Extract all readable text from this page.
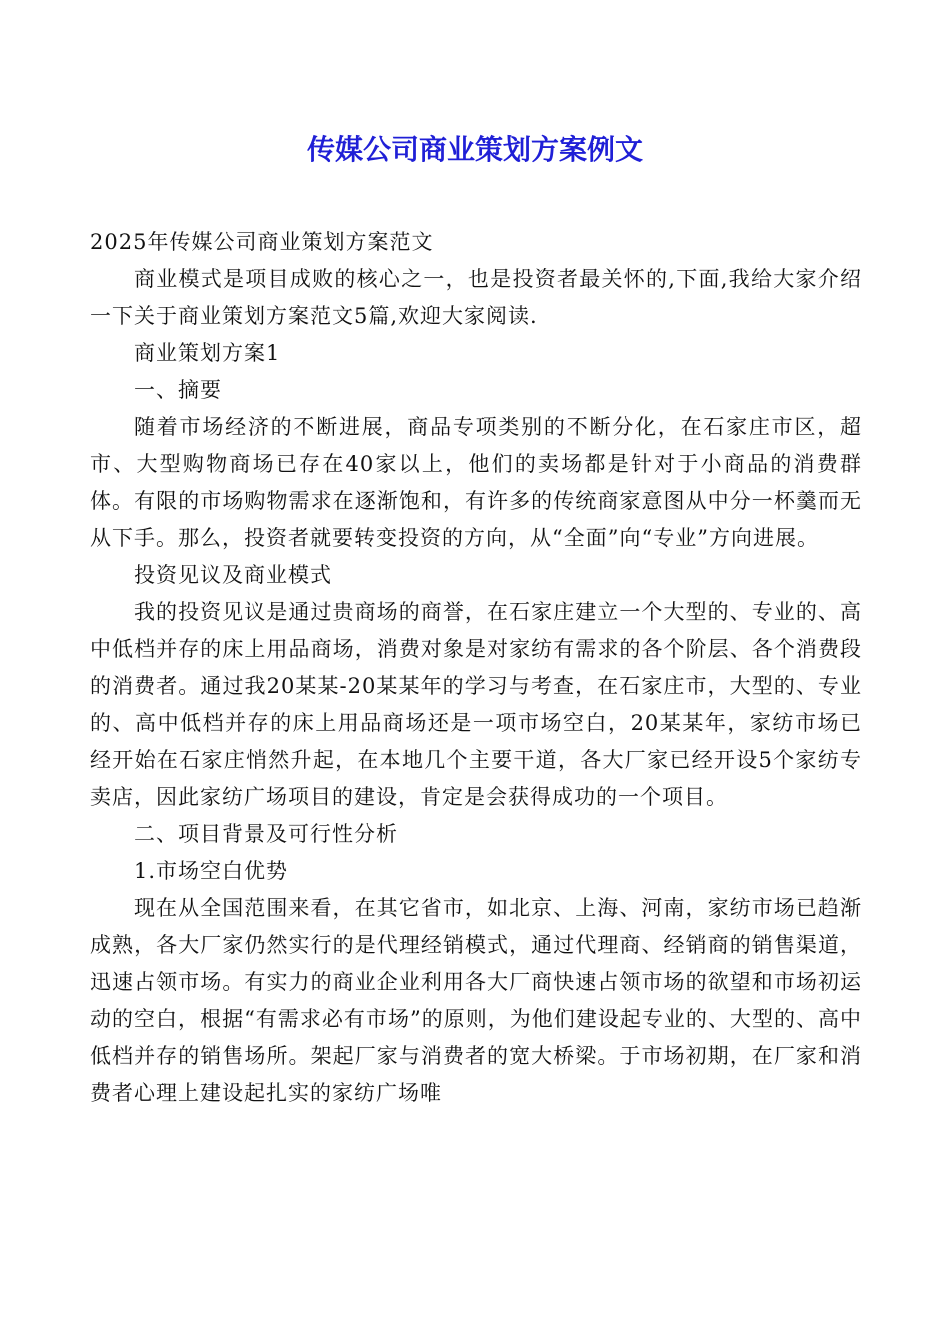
传媒公司商业策划方案例文

2025年传媒公司商业策划方案范文

商业模式是项目成败的核心之一，也是投资者最关怀的,下面,我给大家介绍一下关于商业策划方案范文5篇,欢迎大家阅读.

商业策划方案1

一、摘要

随着市场经济的不断进展，商品专项类别的不断分化，在石家庄市区，超市、大型购物商场已存在40家以上，他们的卖场都是针对于小商品的消费群体。有限的市场购物需求在逐渐饱和，有许多的传统商家意图从中分一杯羹而无从下手。那么，投资者就要转变投资的方向，从“全面”向“专业”方向进展。

投资见议及商业模式

我的投资见议是通过贵商场的商誉，在石家庄建立一个大型的、专业的、高中低档并存的床上用品商场，消费对象是对家纺有需求的各个阶层、各个消费段的消费者。通过我20某某-20某某年的学习与考查，在石家庄市，大型的、专业的、高中低档并存的床上用品商场还是一项市场空白，20某某年，家纺市场已经开始在石家庄悄然升起，在本地几个主要干道，各大厂家已经开设5个家纺专卖店，因此家纺广场项目的建设，肯定是会获得成功的一个项目。

二、项目背景及可行性分析

1.市场空白优势

现在从全国范围来看，在其它省市，如北京、上海、河南，家纺市场已趋渐成熟，各大厂家仍然实行的是代理经销模式，通过代理商、经销商的销售渠道，迅速占领市场。有实力的商业企业利用各大厂商快速占领市场的欲望和市场初运动的空白，根据“有需求必有市场”的原则，为他们建设起专业的、大型的、高中低档并存的销售场所。架起厂家与消费者的宽大桥梁。于市场初期，在厂家和消费者心理上建设起扎实的家纺广场唯
